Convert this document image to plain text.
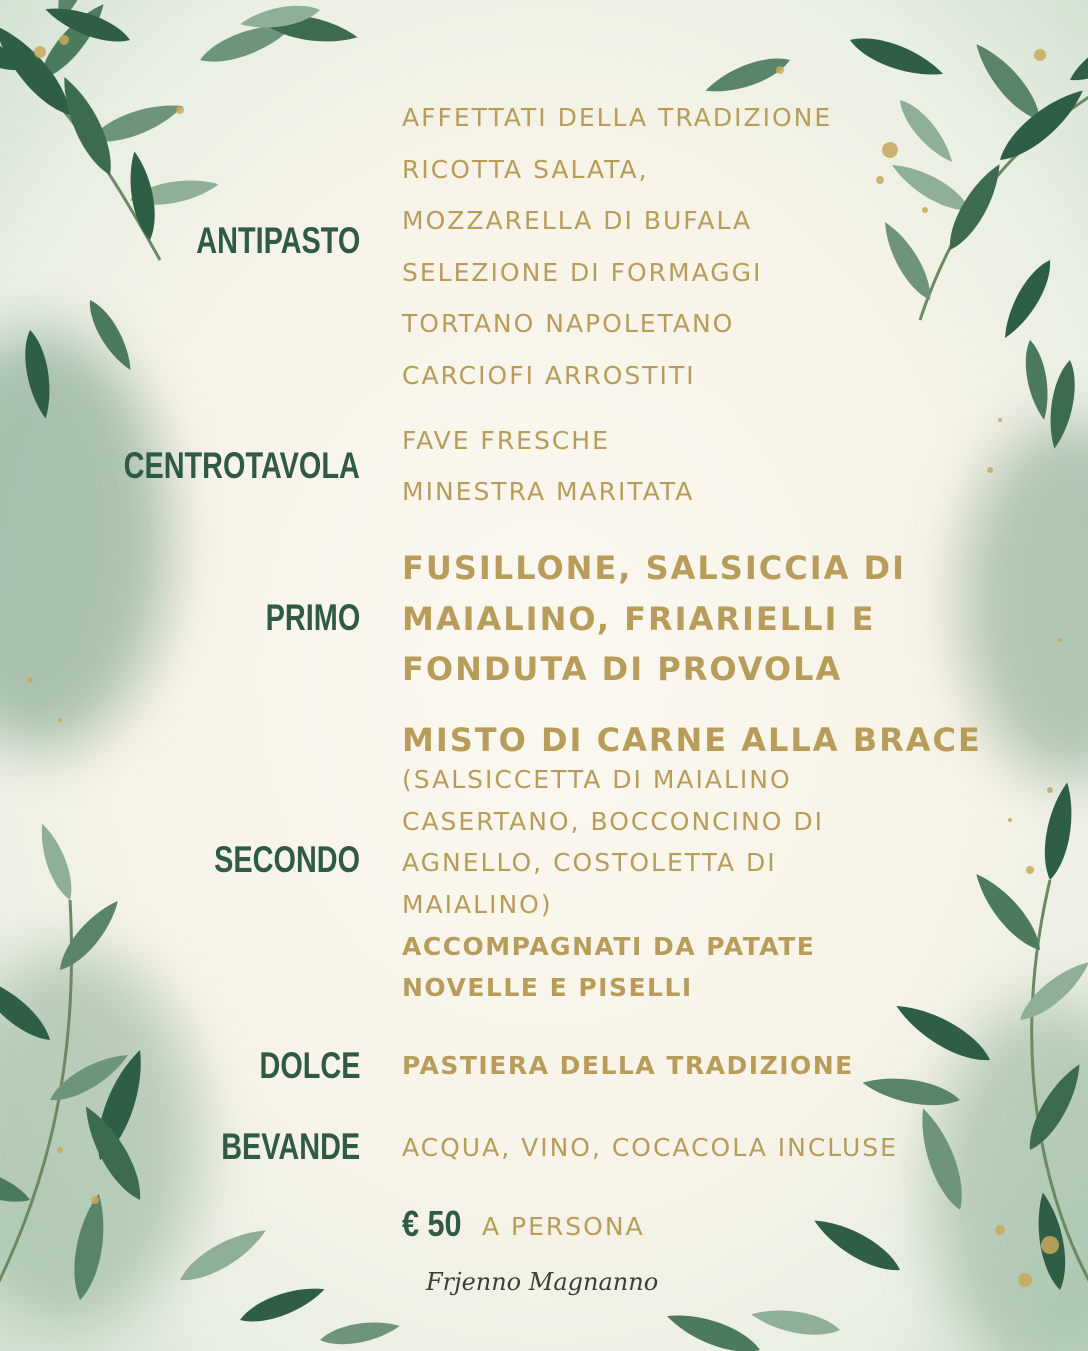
ANTIPASTO
AFFETTATI DELLA TRADIZIONE
RICOTTA SALATA,
MOZZARELLA DI BUFALA
SELEZIONE DI FORMAGGI
TORTANO NAPOLETANO
CARCIOFI ARROSTITI
CENTROTAVOLA
FAVE FRESCHE
MINESTRA MARITATA
PRIMO
FUSILLONE, SALSICCIA DI
MAIALINO, FRIARIELLI E
FONDUTA DI PROVOLA
SECONDO
MISTO DI CARNE ALLA BRACE
(SALSICCETTA DI MAIALINO
CASERTANO, BOCCONCINO DI
AGNELLO, COSTOLETTA DI
MAIALINO)
ACCOMPAGNATI DA PATATE
NOVELLE E PISELLI
DOLCE PASTIERA DELLA TRADIZIONE
BEVANDE ACQUA, VINO, COCACOLA INCLUSE
€ 50 A PERSONA
Frjenno Magnanno
